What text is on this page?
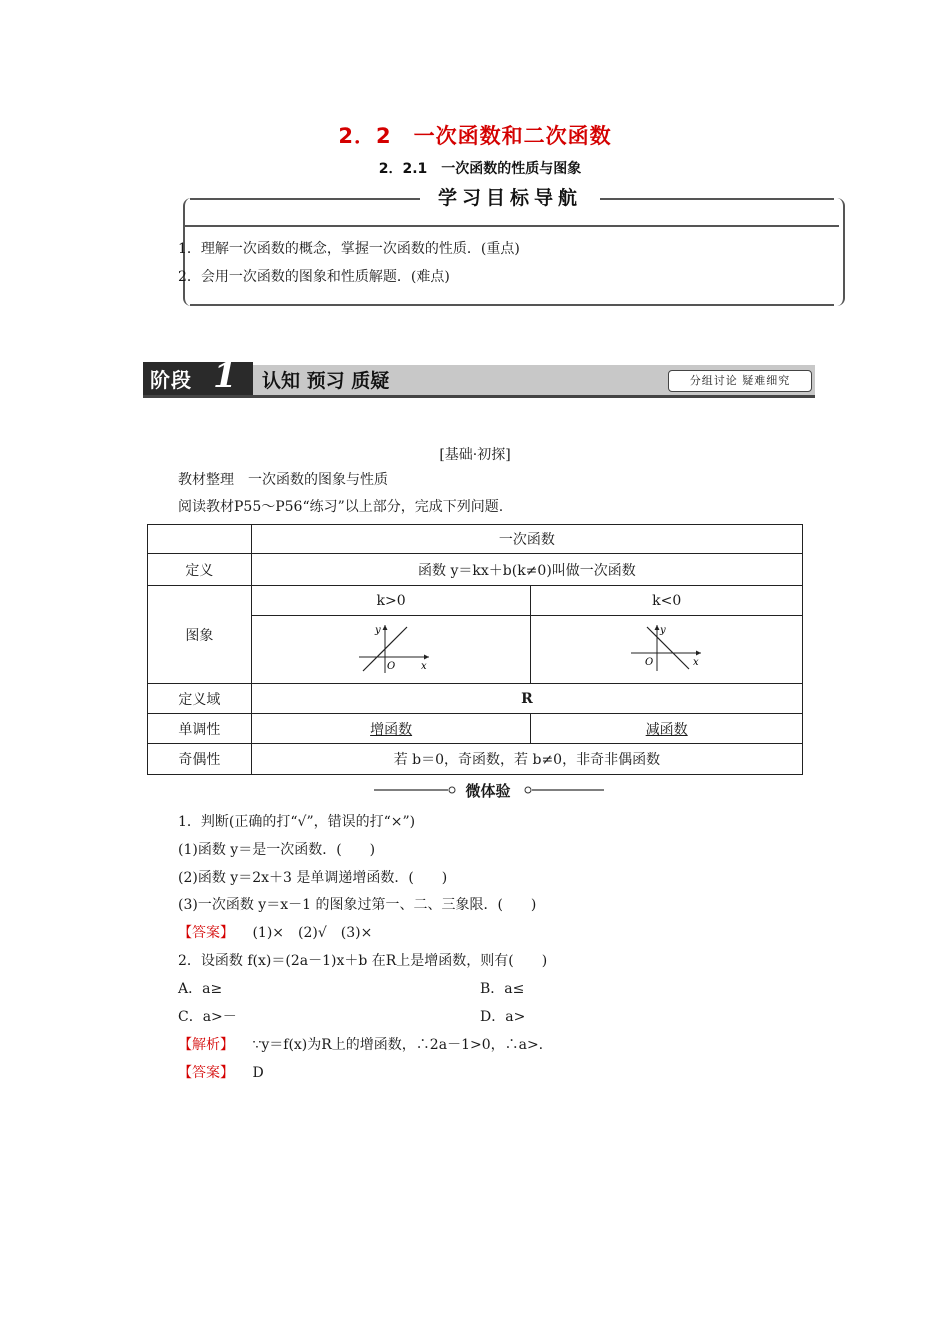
2．2　一次函数和二次函数
2．2.1　一次函数的性质与图象
学习目标导航
1．理解一次函数的概念，掌握一次函数的性质．(重点)
2．会用一次函数的图象和性质解题．(难点)
阶段 1 认知 预习 质疑	分组讨论 疑难细究
[基础·初探]
教材整理　一次函数的图象与性质
阅读教材P55～P56“练习”以上部分，完成下列问题.
	一次函数	
定义	函数 y＝kx＋b(k≠0)叫做一次函数	
图象	k>0	k<0

y
x
O	y
x
O

定义域	R	
单调性	增函数	减函数
奇偶性	若 b＝0，奇函数，若 b≠0，非奇非偶函数	
微体验
1．判断(正确的打“√”，错误的打“×”)
(1)函数 y＝是一次函数．(　　)
(2)函数 y＝2x＋3 是单调递增函数．(　　)
(3)一次函数 y＝x－1 的图象过第一、二、三象限．(　　)
【答案】 (1)×　(2)√　(3)×
2．设函数 f(x)＝(2a－1)x＋b 在R上是增函数，则有(　　)
A．a≥	B．a≤
C．a>－	D．a>
【解析】 ∵y＝f(x)为R上的增函数，∴2a－1>0，∴a>.
【答案】 D
